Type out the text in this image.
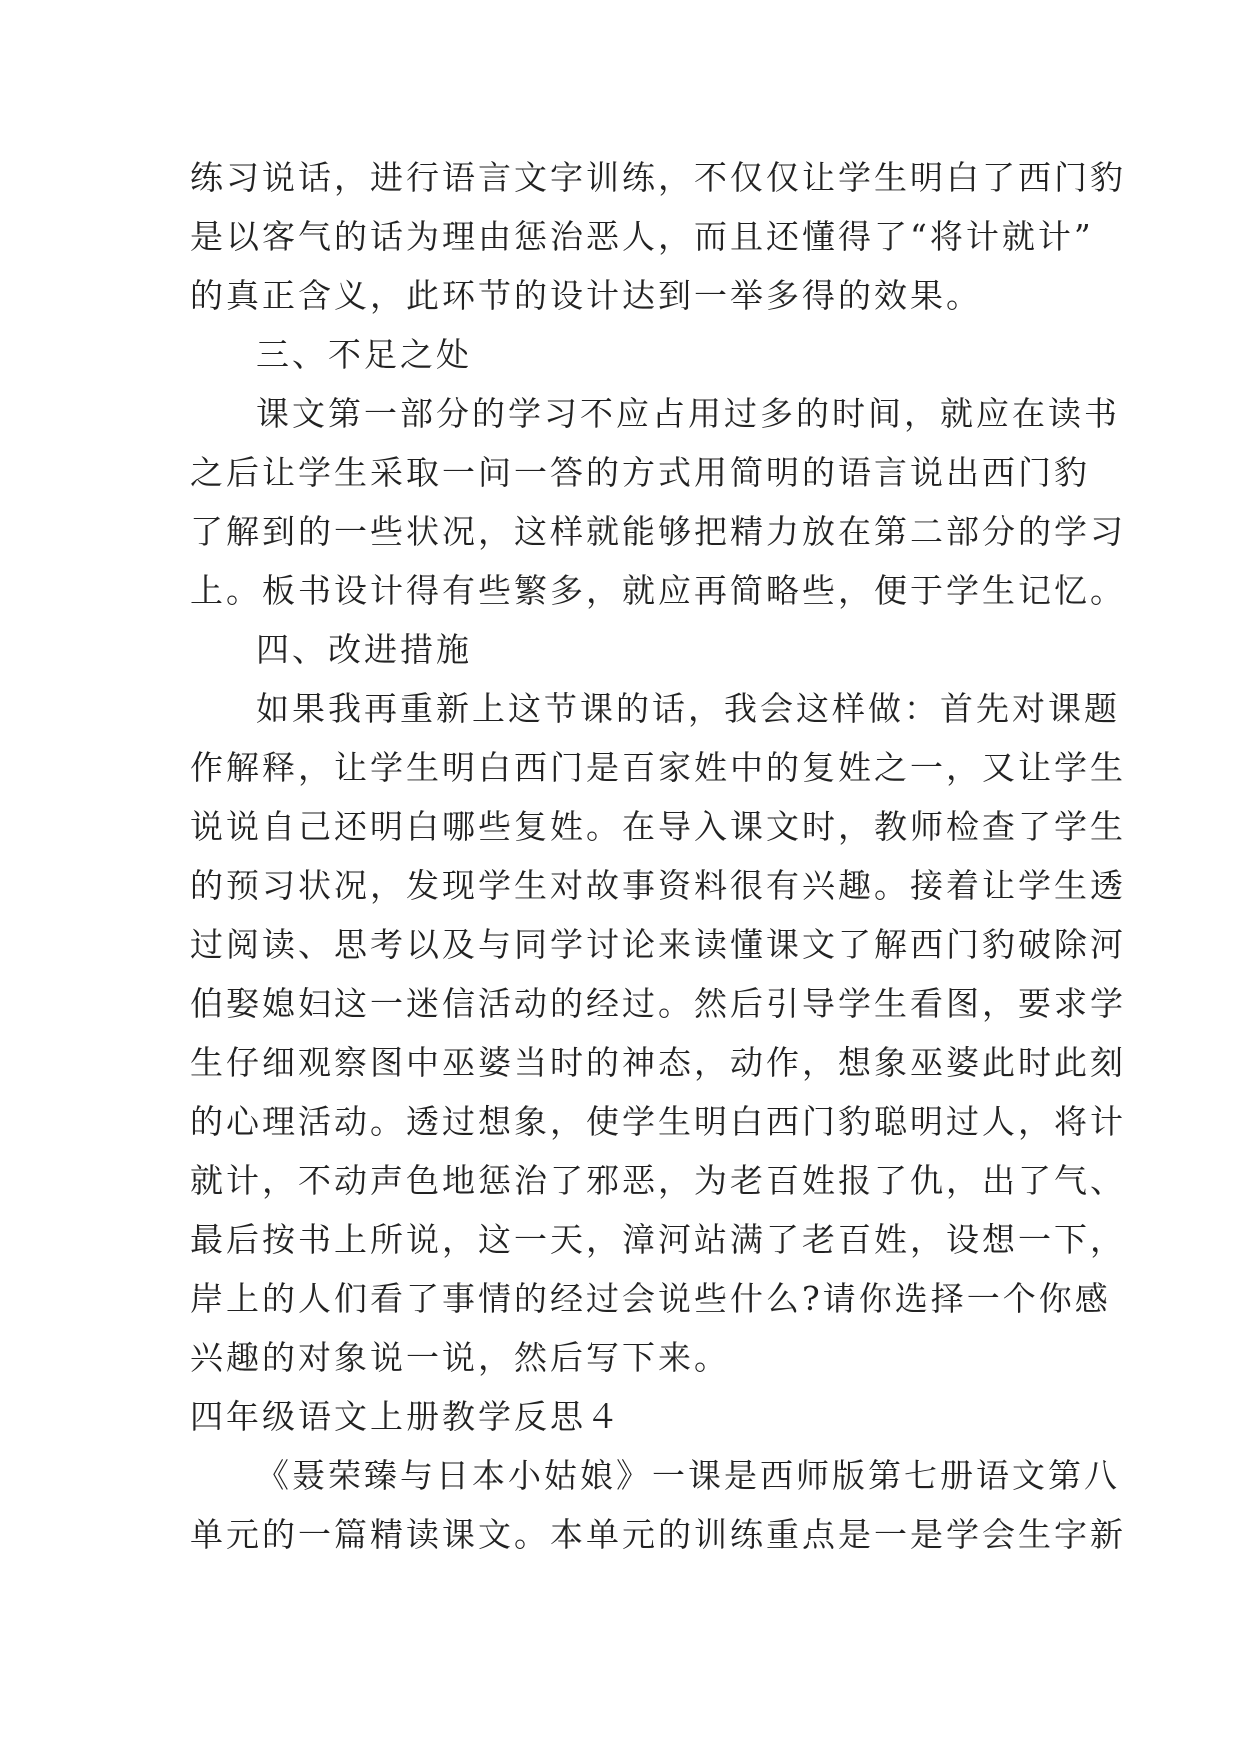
练习说话，进行语言文字训练，不仅仅让学生明白了西门豹
是以客气的话为理由惩治恶人，而且还懂得了“将计就计”
的真正含义，此环节的设计达到一举多得的效果。
三、不足之处
课文第一部分的学习不应占用过多的时间，就应在读书
之后让学生采取一问一答的方式用简明的语言说出西门豹
了解到的一些状况，这样就能够把精力放在第二部分的学习
上。板书设计得有些繁多，就应再简略些，便于学生记忆。
四、改进措施
如果我再重新上这节课的话，我会这样做：首先对课题
作解释，让学生明白西门是百家姓中的复姓之一，又让学生
说说自己还明白哪些复姓。在导入课文时，教师检查了学生
的预习状况，发现学生对故事资料很有兴趣。接着让学生透
过阅读、思考以及与同学讨论来读懂课文了解西门豹破除河
伯娶媳妇这一迷信活动的经过。然后引导学生看图，要求学
生仔细观察图中巫婆当时的神态，动作，想象巫婆此时此刻
的心理活动。透过想象，使学生明白西门豹聪明过人，将计
就计，不动声色地惩治了邪恶，为老百姓报了仇，出了气、
最后按书上所说，这一天，漳河站满了老百姓，设想一下，
岸上的人们看了事情的经过会说些什么?请你选择一个你感
兴趣的对象说一说，然后写下来。
四年级语文上册教学反思４
《聂荣臻与日本小姑娘》一课是西师版第七册语文第八
单元的一篇精读课文。本单元的训练重点是一是学会生字新
